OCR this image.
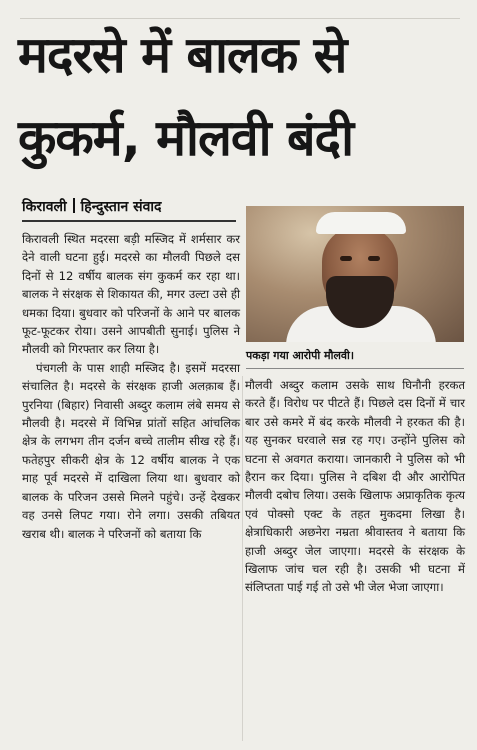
मदरसे में बालक से
कुकर्म, मौलवी बंदी
किरावली हिन्दुस्तान संवाद

किरावली स्थित मदरसा बड़ी मस्जिद में शर्मसार कर देने वाली घटना हुई। मदरसे का मौलवी पिछले दस दिनों से 12 वर्षीय बालक संग कुकर्म कर रहा था। बालक ने संरक्षक से शिकायत की, मगर उल्टा उसे ही धमका दिया। बुधवार को परिजनों के आने पर बालक फूट-फूटकर रोया। उसने आपबीती सुनाई। पुलिस ने मौलवी को गिरफ्तार कर लिया है।

पंचगली के पास शाही मस्जिद है। इसमें मदरसा संचालित है। मदरसे के संरक्षक हाजी अलक़ाब हैं। पुरनिया (बिहार) निवासी अब्दुर कलाम लंबे समय से मौलवी है। मदरसे में विभिन्न प्रांतों सहित आंचलिक क्षेत्र के लगभग तीन दर्जन बच्चे तालीम सीख रहे हैं। फतेहपुर सीकरी क्षेत्र के 12 वर्षीय बालक ने एक माह पूर्व मदरसे में दाखिला लिया था। बुधवार को बालक के परिजन उससे मिलने पहुंचे। उन्हें देखकर वह उनसे लिपट गया। रोने लगा। उसकी तबियत खराब थी। बालक ने परिजनों को बताया कि

पकड़ा गया आरोपी मौलवी।

मौलवी अब्दुर कलाम उसके साथ घिनौनी हरकत करते हैं। विरोध पर पीटते हैं। पिछले दस दिनों में चार बार उसे कमरे में बंद करके मौलवी ने हरकत की है। यह सुनकर घरवाले सन्न रह गए। उन्होंने पुलिस को घटना से अवगत कराया। जानकारी ने पुलिस को भी हैरान कर दिया। पुलिस ने दबिश दी और आरोपित मौलवी दबोच लिया। उसके खिलाफ अप्राकृतिक कृत्य एवं पोक्सो एक्ट के तहत मुकदमा लिखा है। क्षेत्राधिकारी अछनेरा नम्रता श्रीवास्तव ने बताया कि हाजी अब्दुर जेल जाएगा। मदरसे के संरक्षक के खिलाफ जांच चल रही है। उसकी भी घटना में संलिप्तता पाई गई तो उसे भी जेल भेजा जाएगा।
